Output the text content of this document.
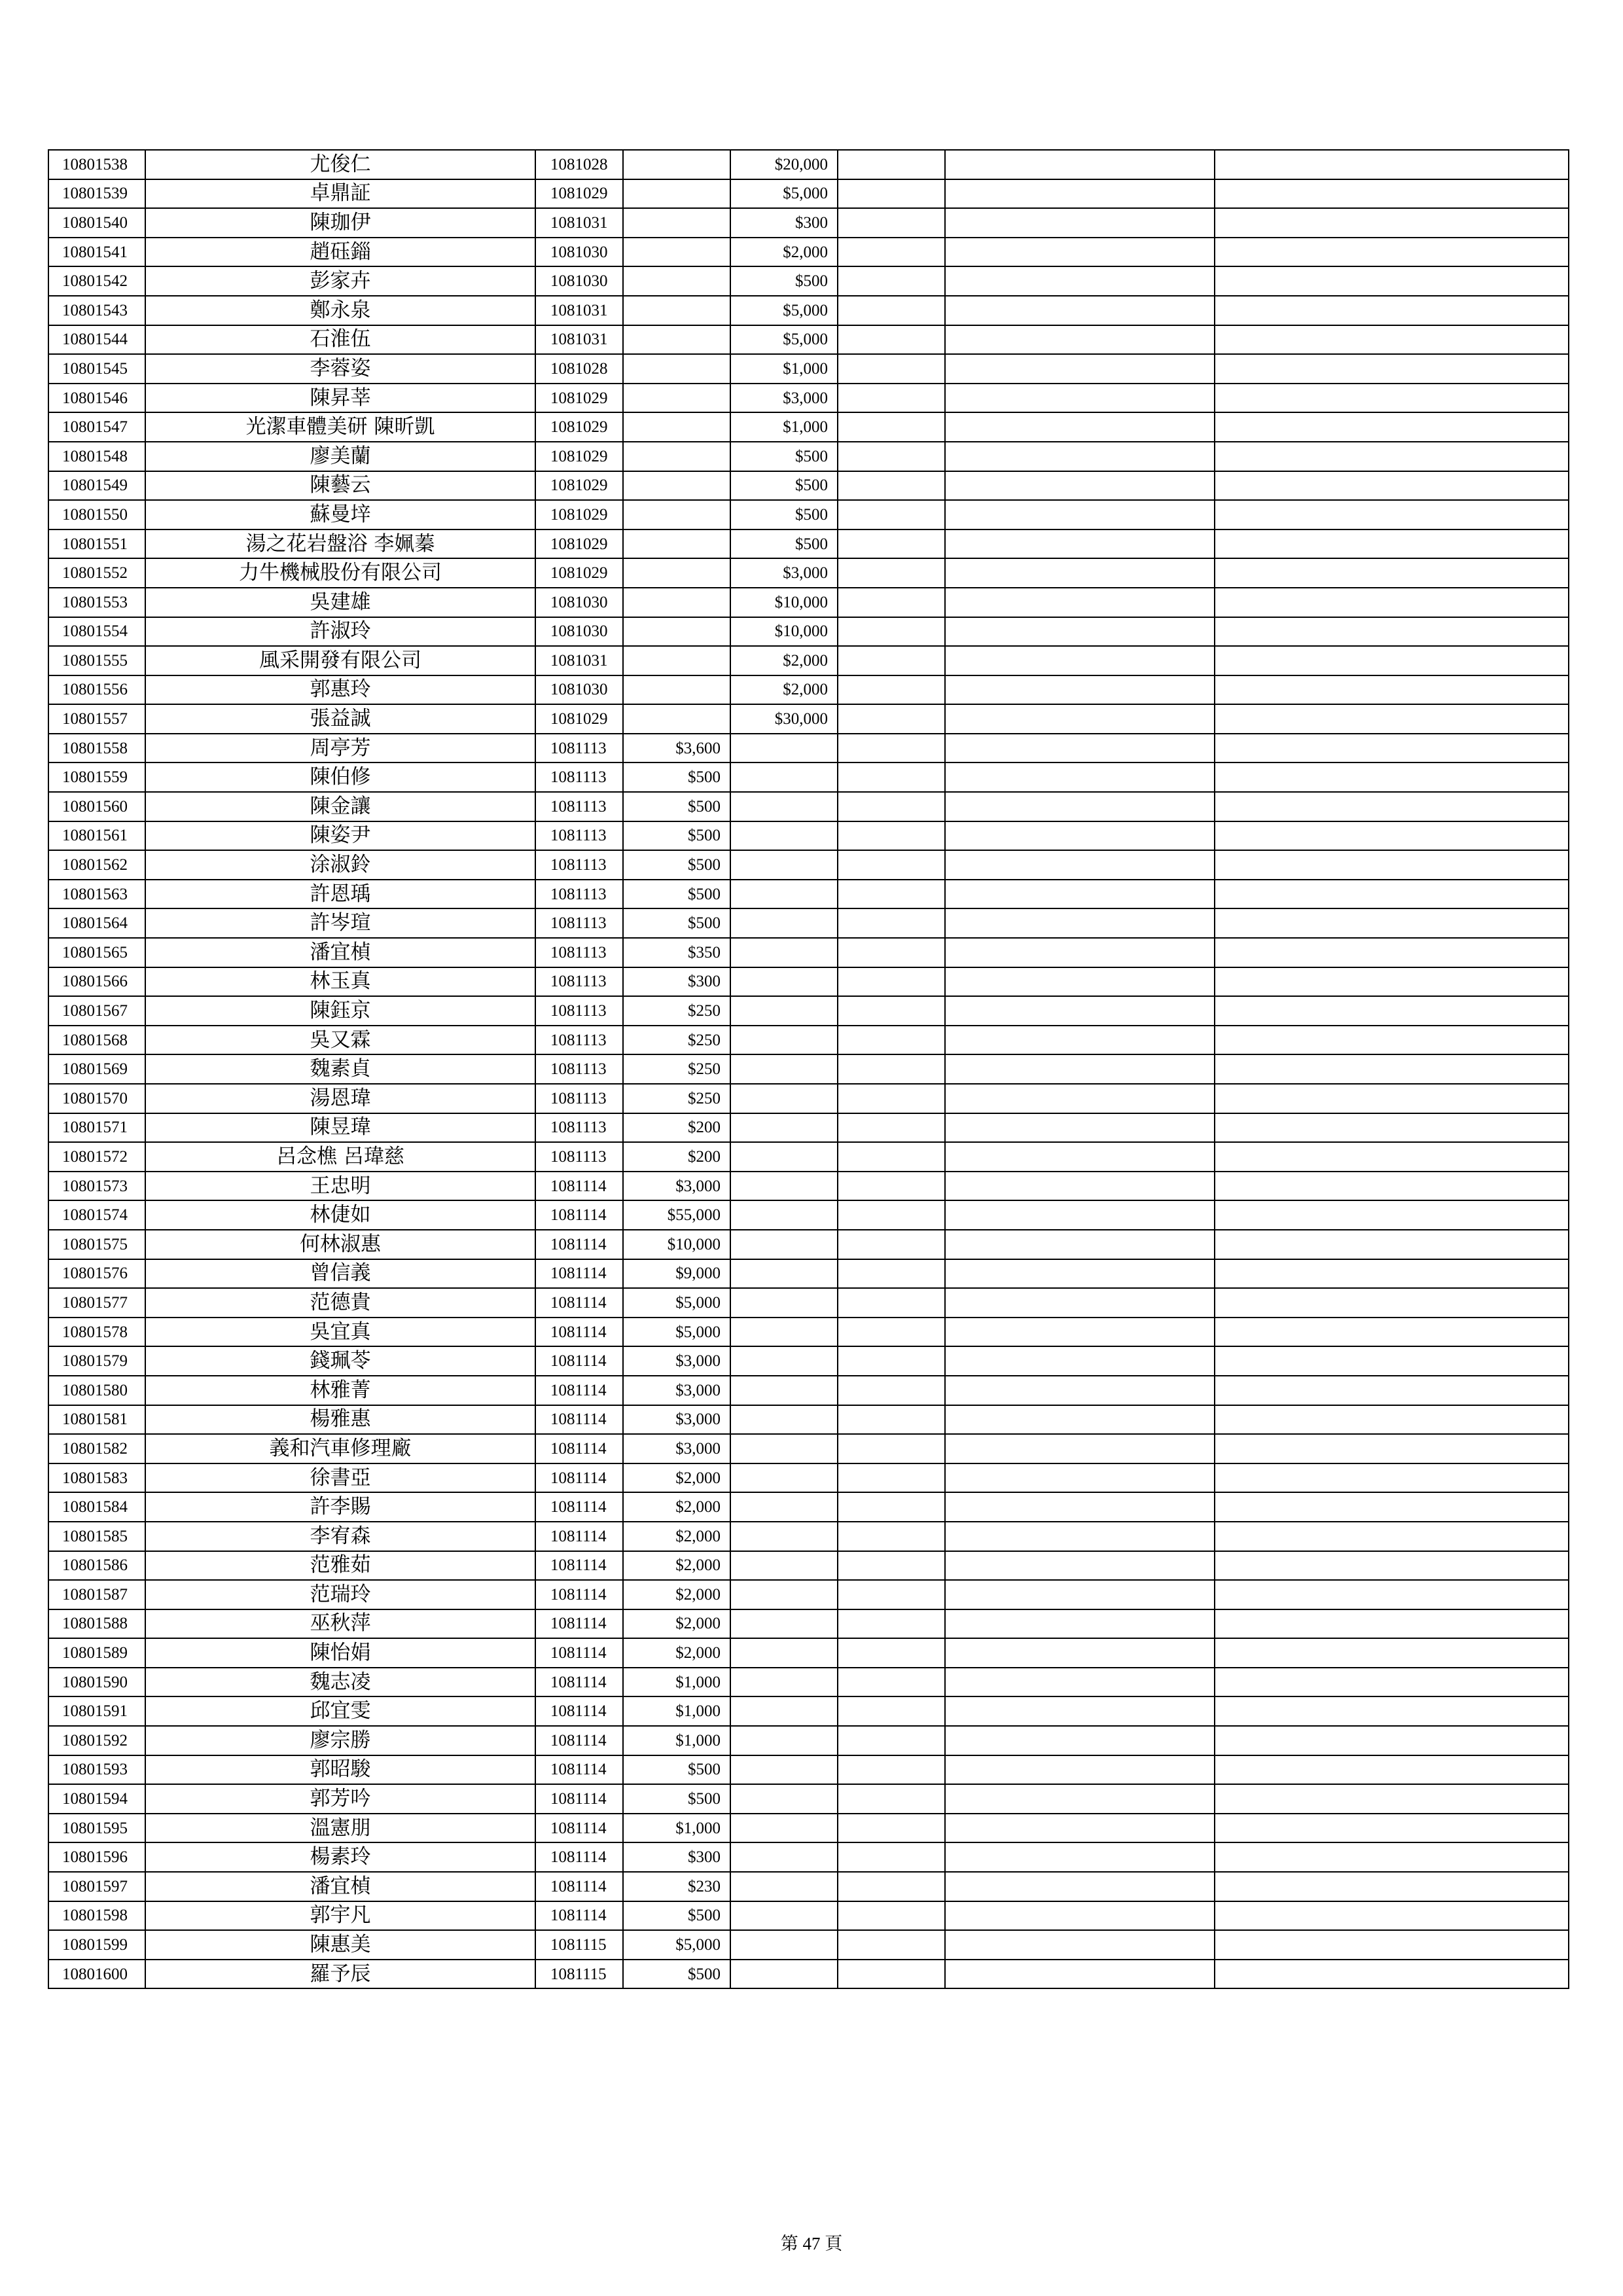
10801538	尤俊仁	1081028		$20,000			
10801539	卓鼎証	1081029		$5,000			
10801540	陳珈伊	1081031		$300			
10801541	趙砡錙	1081030		$2,000			
10801542	彭家卉	1081030		$500			
10801543	鄭永泉	1081031		$5,000			
10801544	石淮伍	1081031		$5,000			
10801545	李蓉姿	1081028		$1,000			
10801546	陳昇莘	1081029		$3,000			
10801547	光潔車體美研 陳昕凱	1081029		$1,000			
10801548	廖美蘭	1081029		$500			
10801549	陳藝云	1081029		$500			
10801550	蘇曼垶	1081029		$500			
10801551	湯之花岩盤浴 李姵蓁	1081029		$500			
10801552	力牛機械股份有限公司	1081029		$3,000			
10801553	吳建雄	1081030		$10,000			
10801554	許淑玲	1081030		$10,000			
10801555	風采開發有限公司	1081031		$2,000			
10801556	郭惠玲	1081030		$2,000			
10801557	張益誠	1081029		$30,000			
10801558	周亭芳	1081113	$3,600				
10801559	陳伯修	1081113	$500				
10801560	陳金讓	1081113	$500				
10801561	陳姿尹	1081113	$500				
10801562	涂淑鈴	1081113	$500				
10801563	許恩瑀	1081113	$500				
10801564	許岑瑄	1081113	$500				
10801565	潘宜楨	1081113	$350				
10801566	林玉真	1081113	$300				
10801567	陳鈺京	1081113	$250				
10801568	吳又霖	1081113	$250				
10801569	魏素貞	1081113	$250				
10801570	湯恩瑋	1081113	$250				
10801571	陳昱瑋	1081113	$200				
10801572	呂念樵 呂瑋慈	1081113	$200				
10801573	王忠明	1081114	$3,000				
10801574	林倢如	1081114	$55,000				
10801575	何林淑惠	1081114	$10,000				
10801576	曾信義	1081114	$9,000				
10801577	范德貴	1081114	$5,000				
10801578	吳宜真	1081114	$5,000				
10801579	錢珮苓	1081114	$3,000				
10801580	林雅菁	1081114	$3,000				
10801581	楊雅惠	1081114	$3,000				
10801582	義和汽車修理廠	1081114	$3,000				
10801583	徐書亞	1081114	$2,000				
10801584	許李賜	1081114	$2,000				
10801585	李宥森	1081114	$2,000				
10801586	范雅茹	1081114	$2,000				
10801587	范瑞玲	1081114	$2,000				
10801588	巫秋萍	1081114	$2,000				
10801589	陳怡娟	1081114	$2,000				
10801590	魏志凌	1081114	$1,000				
10801591	邱宜雯	1081114	$1,000				
10801592	廖宗勝	1081114	$1,000				
10801593	郭昭駿	1081114	$500				
10801594	郭芳吟	1081114	$500				
10801595	溫憲朋	1081114	$1,000				
10801596	楊素玲	1081114	$300				
10801597	潘宜楨	1081114	$230				
10801598	郭宇凡	1081114	$500				
10801599	陳惠美	1081115	$5,000				
10801600	羅予辰	1081115	$500				
第 47 頁
